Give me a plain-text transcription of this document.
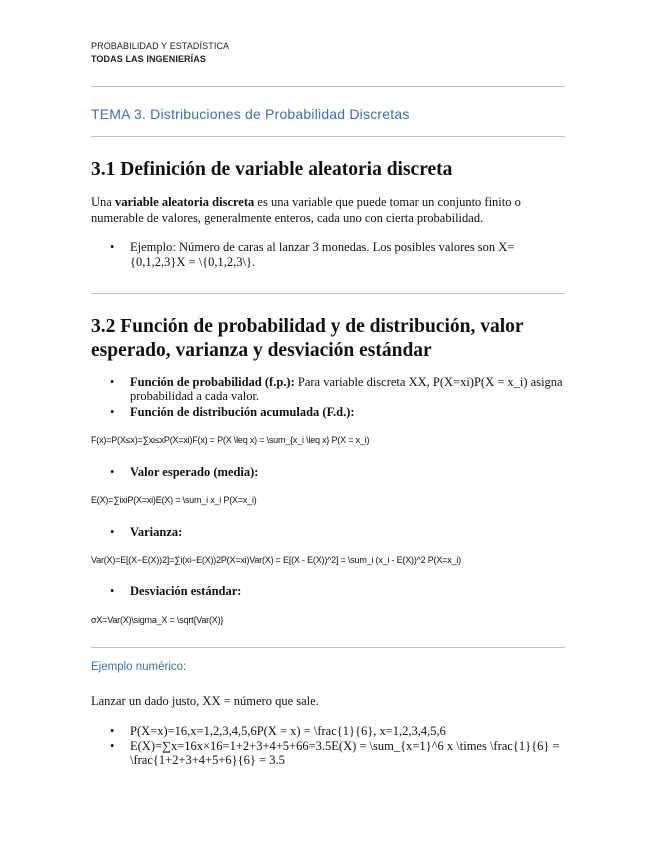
PROBABILIDAD Y ESTADÍSTICA
TODAS LAS INGENIERÍAS
TEMA 3. Distribuciones de Probabilidad Discretas
3.1 Definición de variable aleatoria discreta
Una variable aleatoria discreta es una variable que puede tomar un conjunto finito o numerable de valores, generalmente enteros, cada uno con cierta probabilidad.
• Ejemplo: Número de caras al lanzar 3 monedas. Los posibles valores son X={0,1,2,3}X = \{0,1,2,3\}.
3.2 Función de probabilidad y de distribución, valor
esperado, varianza y desviación estándar
• Función de probabilidad (f.p.): Para variable discreta XX, P(X=xi)P(X = x_i) asigna probabilidad a cada valor.
• Función de distribución acumulada (F.d.):
F(x)=P(X≤x)=∑xi≤xP(X=xi)F(x) = P(X \leq x) = \sum_{x_i \leq x} P(X = x_i)
• Valor esperado (media):
E(X)=∑ixiP(X=xi)E(X) = \sum_i x_i P(X=x_i)
• Varianza:
Var(X)=E[(X−E(X))2]=∑i(xi−E(X))2P(X=xi)Var(X) = E[(X - E(X))^2] = \sum_i (x_i - E(X))^2 P(X=x_i)
• Desviación estándar:
σX=Var(X)\sigma_X = \sqrt{Var(X)}
Ejemplo numérico:
Lanzar un dado justo, XX = número que sale.
• P(X=x)=16,x=1,2,3,4,5,6P(X = x) = \frac{1}{6}, x=1,2,3,4,5,6
• E(X)=∑x=16x×16=1+2+3+4+5+66=3.5E(X) = \sum_{x=1}^6 x \times \frac{1}{6} = \frac{1+2+3+4+5+6}{6} = 3.5
